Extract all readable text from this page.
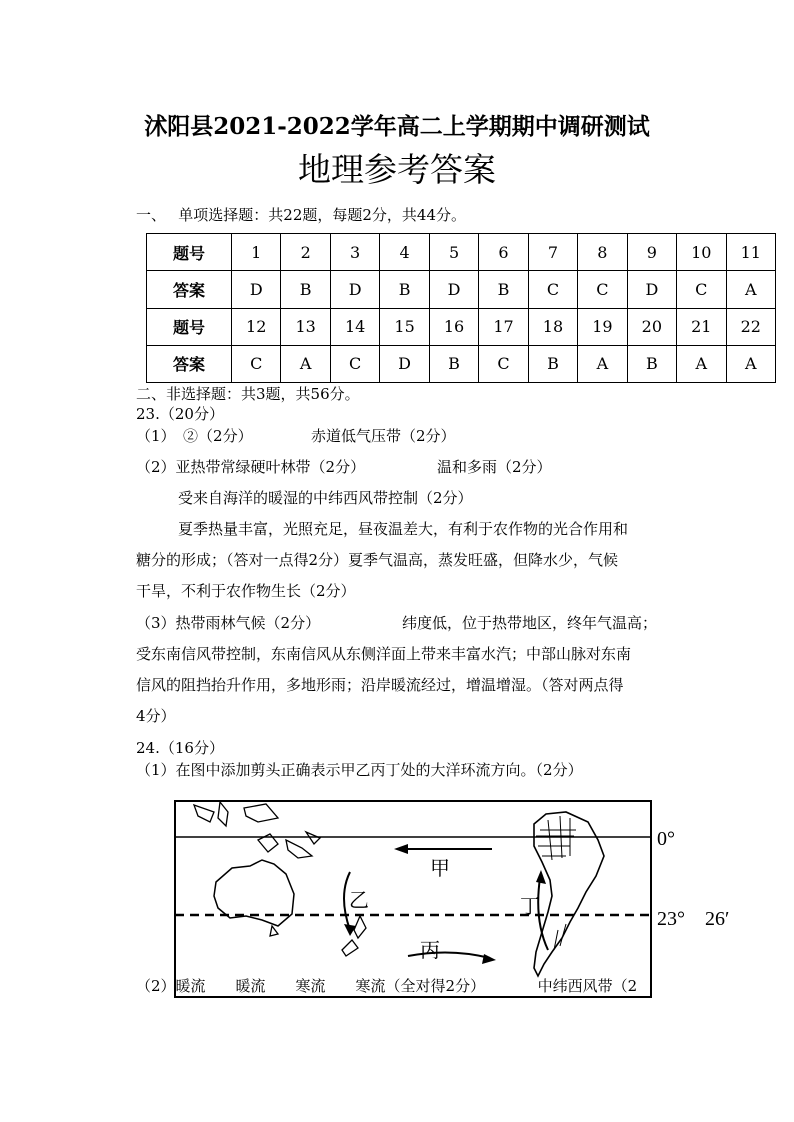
沭阳县2021-2022学年高二上学期期中调研测试
地理参考答案
一、　 单项选择题：共22题，每题2分，共44分。
题号	1	2	3	4	5	6	7	8	9	10	11
答案	D	B	D	B	D	B	C	C	D	C	A
题号	12	13	14	15	16	17	18	19	20	21	22
答案	C	A	C	D	B	C	B	A	B	A	A
二、非选择题：共3题，共56分。
23.（20分）
（1）　②（2分）	赤道低气压带（2分）
（2）亚热带常绿硬叶林带（2分）	温和多雨（2分）
受来自海洋的暖湿的中纬西风带控制（2分）
夏季热量丰富，光照充足，昼夜温差大，有利于农作物的光合作用和
糖分的形成；（答对一点得2分）夏季气温高，蒸发旺盛，但降水少，气候
干旱，不利于农作物生长（2分）
（3）热带雨林气候（2分）	纬度低，位于热带地区，终年气温高；
受东南信风带控制，东南信风从东侧洋面上带来丰富水汽；中部山脉对东南
信风的阻挡抬升作用，多地形雨；沿岸暖流经过，增温增湿。（答对两点得
4分）
24.（16分）
（1）在图中添加剪头正确表示甲乙丙丁处的大洋环流方向。（2分）
甲
乙
丙
丁
0°
23°　26′
（2）暖流　　暖流　　寒流　　寒流（全对得2分）　　　　中纬西风带（2
